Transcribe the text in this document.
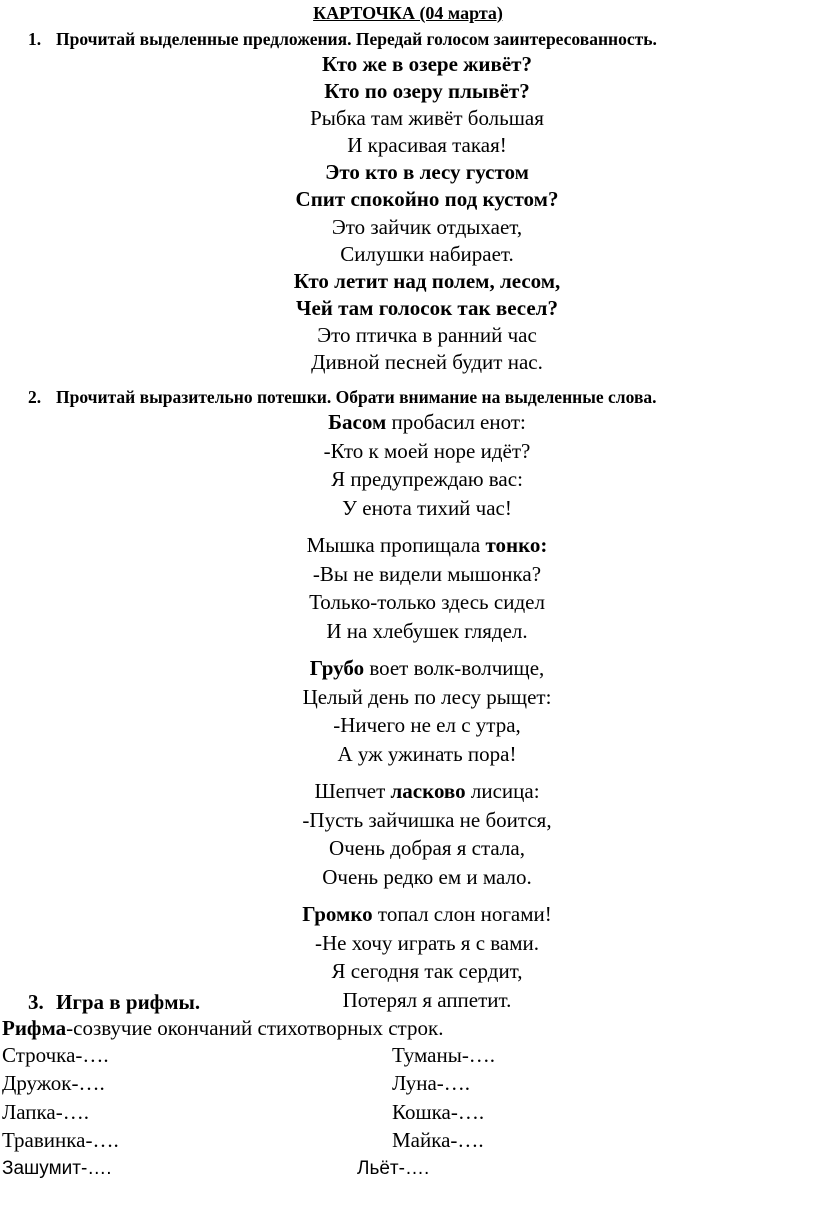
КАРТОЧКА (04 марта)
1. Прочитай выделенные предложения. Передай голосом заинтересованность.
Кто же в озере живёт?
Кто по озеру плывёт?
Рыбка там живёт большая
И красивая такая!
Это кто в лесу густом
Спит спокойно под кустом?
Это зайчик отдыхает,
Силушки набирает.
Кто летит над полем, лесом,
Чей там голосок так весел?
Это птичка в ранний час
Дивной песней будит нас.
2. Прочитай выразительно потешки. Обрати внимание на выделенные слова.
Басом пробасил енот:
-Кто к моей норе идёт?
Я предупреждаю вас:
У енота тихий час!
Мышка пропищала тонко:
-Вы не видели мышонка?
Только-только здесь сидел
И на хлебушек глядел.
Грубо воет волк-волчище,
Целый день по лесу рыщет:
-Ничего не ел с утра,
А уж ужинать пора!
Шепчет ласково лисица:
-Пусть зайчишка не боится,
Очень добрая я стала,
Очень редко ем и мало.
Громко топал слон ногами!
-Не хочу играть я с вами.
Я сегодня так сердит,
Потерял я аппетит.
3. Игра в рифмы.
Рифма-созвучие окончаний стихотворных строк.
Строчка-….	Туманы-….
Дружок-….	Луна-….
Лапка-….	Кошка-….
Травинка-….	Майка-….
Зашумит-….	Льёт-….
